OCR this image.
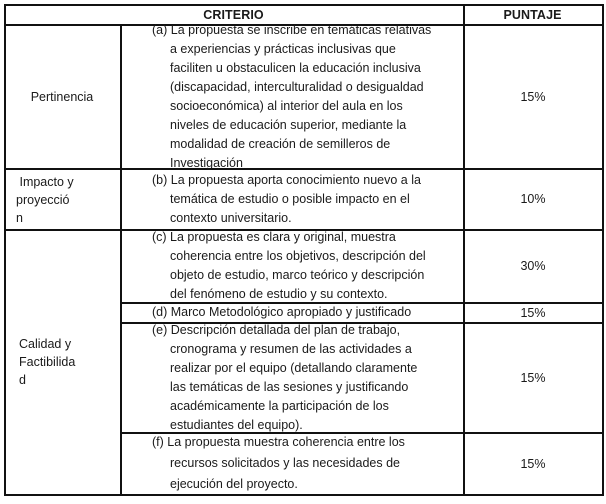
CRITERIO	PUNTAJE
Pertinencia
Impacto y
proyecció
n
Calidad y
Factibilida
d
(a) La propuesta se inscribe en temáticas relativas
a experiencias y prácticas inclusivas que
faciliten u obstaculicen la educación inclusiva
(discapacidad, interculturalidad o desigualdad
socioeconómica) al interior del aula en los
niveles de educación superior, mediante la
modalidad de creación de semilleros de
Investigación
15%
(b) La propuesta aporta conocimiento nuevo a la
temática de estudio o posible impacto en el
contexto universitario.
10%
(c) La propuesta es clara y original, muestra
coherencia entre los objetivos, descripción del
objeto de estudio, marco teórico y descripción
del fenómeno de estudio y su contexto.
30%
(d) Marco Metodológico apropiado y justificado	15%
(e) Descripción detallada del plan de trabajo,
cronograma y resumen de las actividades a
realizar por el equipo (detallando claramente
las temáticas de las sesiones y justificando
académicamente la participación de los
estudiantes del equipo).
15%
(f) La propuesta muestra coherencia entre los
recursos solicitados y las necesidades de
ejecución del proyecto.
15%
